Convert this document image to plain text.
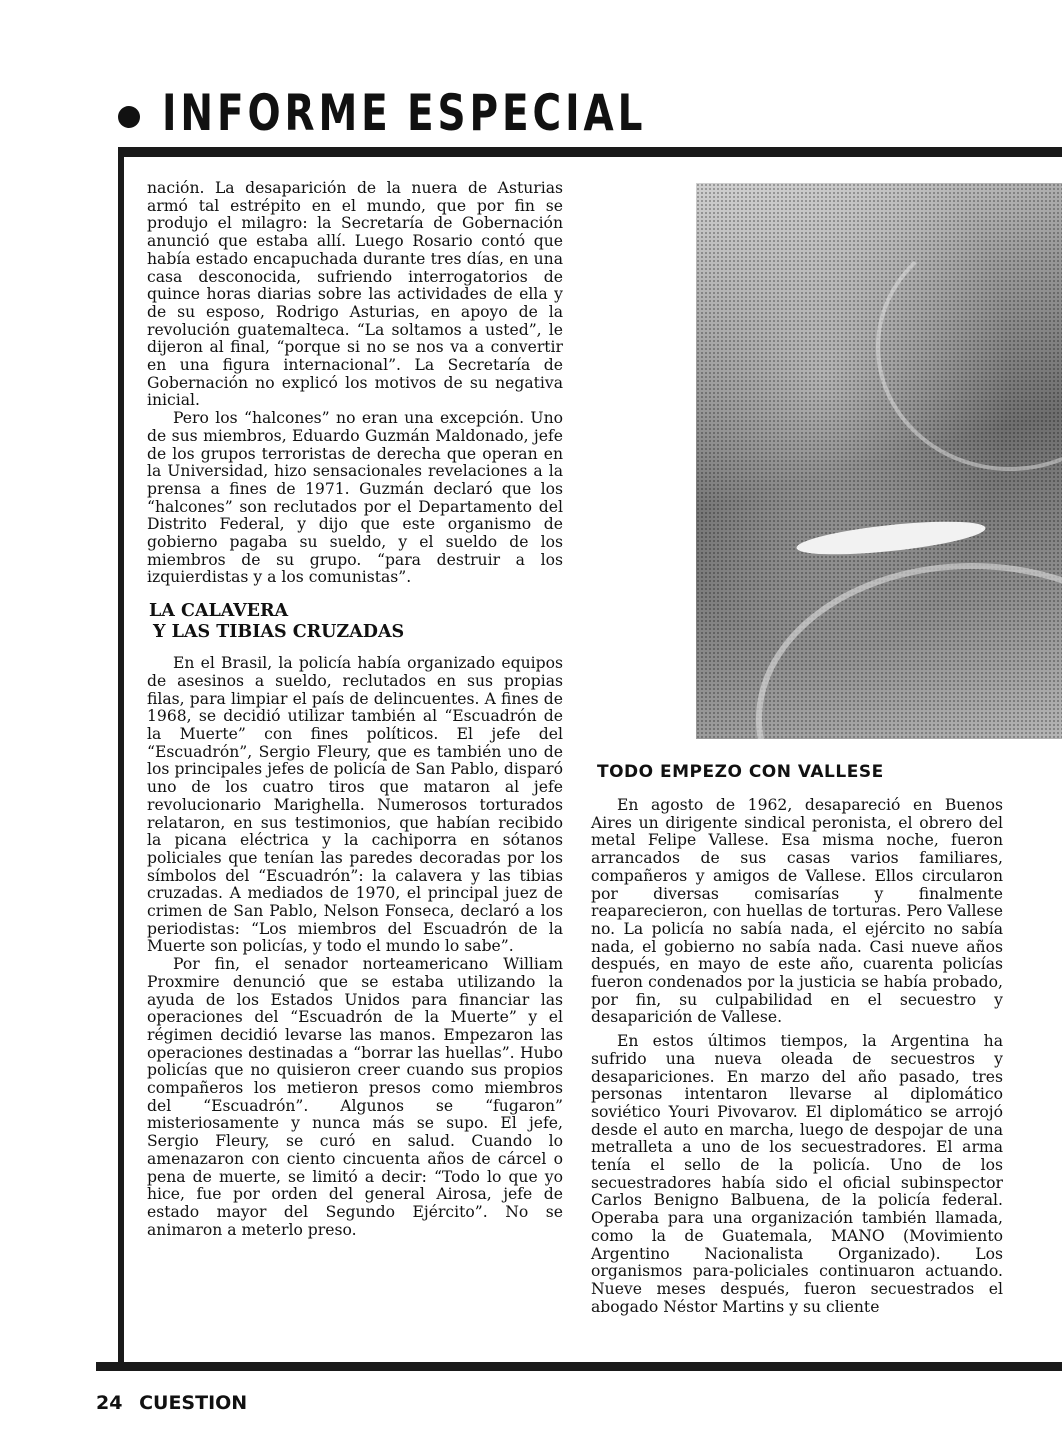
INFORME ESPECIAL

nación. La desaparición de la nuera de Asturias armó tal estrépito en el mundo, que por fin se produjo el milagro: la Secretaría de Gobernación anunció que estaba allí. Luego Rosario contó que había estado encapuchada durante tres días, en una casa desconocida, sufriendo interrogatorios de quince horas diarias sobre las actividades de ella y de su esposo, Rodrigo Asturias, en apoyo de la revolución guatemalteca. “La soltamos a usted”, le dijeron al final, “porque si no se nos va a convertir en una figura internacional”. La Secretaría de Gobernación no explicó los motivos de su negativa inicial.

Pero los “halcones” no eran una excepción. Uno de sus miembros, Eduardo Guzmán Maldonado, jefe de los grupos terroristas de derecha que operan en la Universidad, hizo sensacionales revelaciones a la prensa a fines de 1971. Guzmán declaró que los “halcones” son reclutados por el Departamento del Distrito Federal, y dijo que este organismo de gobierno pagaba su sueldo, y el sueldo de los miembros de su grupo. “para destruir a los izquierdistas y a los comunistas”.

LA CALAVERA
Y LAS TIBIAS CRUZADAS

En el Brasil, la policía había organizado equipos de asesinos a sueldo, reclutados en sus propias filas, para limpiar el país de delincuentes. A fines de 1968, se decidió utilizar también al “Escuadrón de la Muerte” con fines políticos. El jefe del “Escuadrón”, Sergio Fleury, que es también uno de los principales jefes de policía de San Pablo, disparó uno de los cuatro tiros que mataron al jefe revolucionario Marighella. Numerosos torturados relataron, en sus testimonios, que habían recibido la picana eléctrica y la cachiporra en sótanos policiales que tenían las paredes decoradas por los símbolos del “Escuadrón”: la calavera y las tibias cruzadas. A mediados de 1970, el principal juez de crimen de San Pablo, Nelson Fonseca, declaró a los periodistas: “Los miembros del Escuadrón de la Muerte son policías, y todo el mundo lo sabe”.

Por fin, el senador norteamericano William Proxmire denunció que se estaba utilizando la ayuda de los Estados Unidos para financiar las operaciones del “Escuadrón de la Muerte” y el régimen decidió levarse las manos. Empezaron las operaciones destinadas a “borrar las huellas”. Hubo policías que no quisieron creer cuando sus propios compañeros los metieron presos como miembros del “Escuadrón”. Algunos se “fugaron” misteriosamente y nunca más se supo. El jefe, Sergio Fleury, se curó en salud. Cuando lo amenazaron con ciento cincuenta años de cárcel o pena de muerte, se limitó a decir: “Todo lo que yo hice, fue por orden del general Airosa, jefe de estado mayor del Segundo Ejército”. No se animaron a meterlo preso.

TODO EMPEZO CON VALLESE

En agosto de 1962, desapareció en Buenos Aires un dirigente sindical peronista, el obrero del metal Felipe Vallese. Esa misma noche, fueron arrancados de sus casas varios familiares, compañeros y amigos de Vallese. Ellos circularon por diversas comisarías y finalmente reaparecieron, con huellas de torturas. Pero Vallese no. La policía no sabía nada, el ejército no sabía nada, el gobierno no sabía nada. Casi nueve años después, en mayo de este año, cuarenta policías fueron condenados por la justicia se había probado, por fin, su culpabilidad en el secuestro y desaparición de Vallese.

En estos últimos tiempos, la Argentina ha sufrido una nueva oleada de secuestros y desapariciones. En marzo del año pasado, tres personas intentaron llevarse al diplomático soviético Youri Pivovarov. El diplomático se arrojó desde el auto en marcha, luego de despojar de una metralleta a uno de los secuestradores. El arma tenía el sello de la policía. Uno de los secuestradores había sido el oficial subinspector Carlos Benigno Balbuena, de la policía federal. Operaba para una organización también llamada, como la de Guatemala, MANO (Movimiento Argentino Nacionalista Organizado). Los organismos para-policiales continuaron actuando. Nueve meses después, fueron secuestrados el abogado Néstor Martins y su cliente

24 CUESTION
